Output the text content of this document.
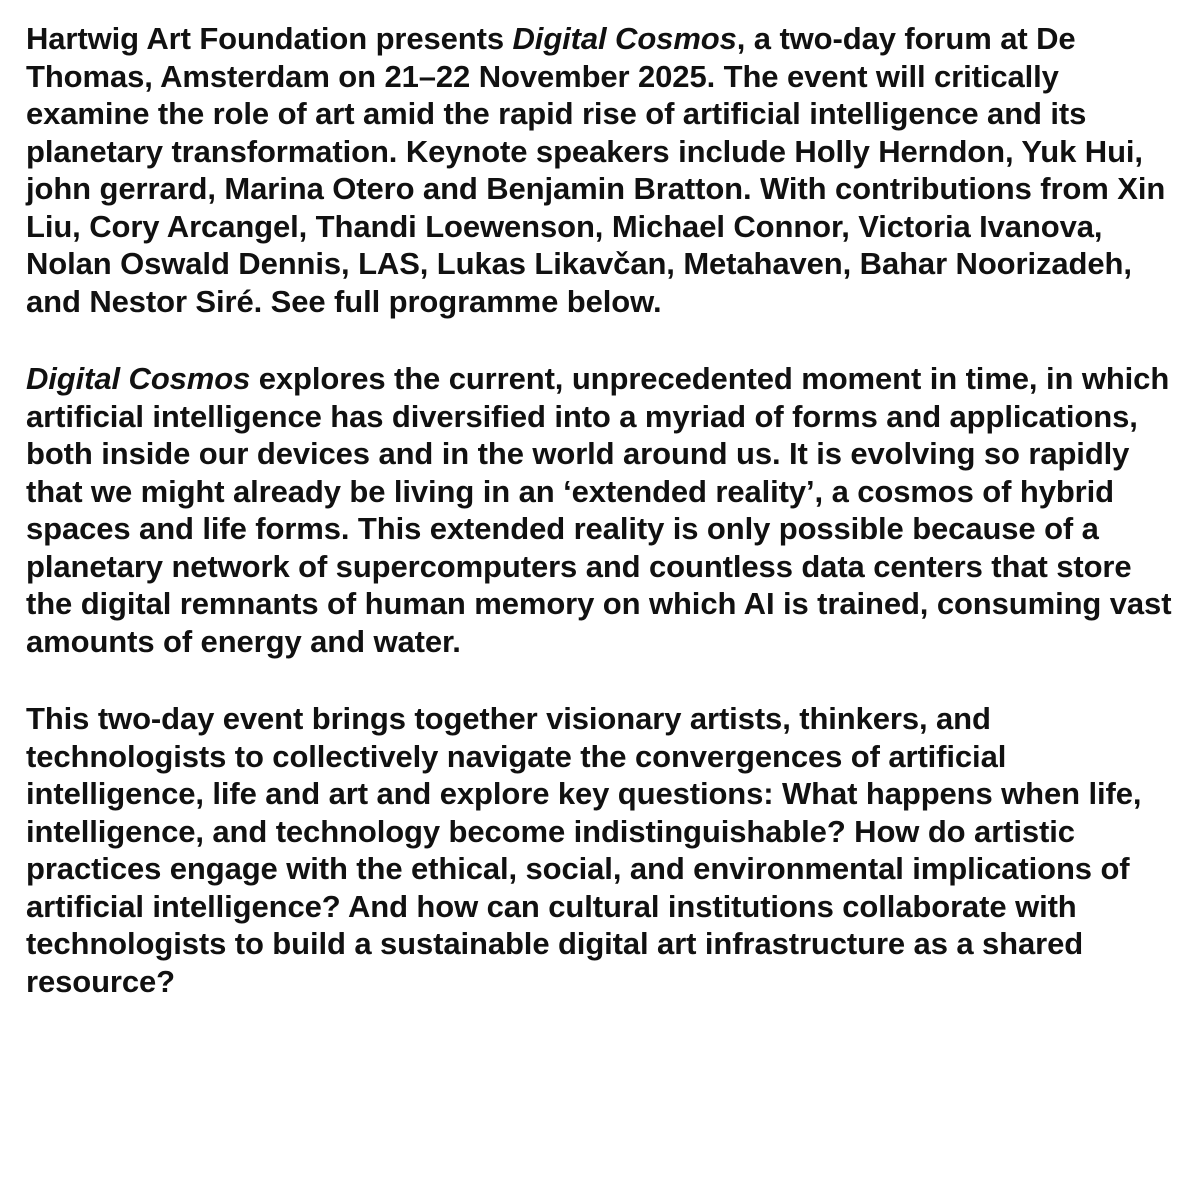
Hartwig Art Foundation presents Digital Cosmos, a two-day forum at De Thomas, Amsterdam on 21–22 November 2025. The event will critically examine the role of art amid the rapid rise of artificial intelligence and its planetary transformation. Keynote speakers include Holly Herndon, Yuk Hui, john gerrard, Marina Otero and Benjamin Bratton. With contributions from Xin Liu, Cory Arcangel, Thandi Loewenson, Michael Connor, Victoria Ivanova, Nolan Oswald Dennis, LAS, Lukas Likavčan, Metahaven, Bahar Noorizadeh, and Nestor Siré. See full programme below.

Digital Cosmos explores the current, unprecedented moment in time, in which artificial intelligence has diversified into a myriad of forms and applications, both inside our devices and in the world around us. It is evolving so rapidly that we might already be living in an ‘extended reality’, a cosmos of hybrid spaces and life forms. This extended reality is only possible because of a planetary network of supercomputers and countless data centers that store the digital remnants of human memory on which AI is trained, consuming vast amounts of energy and water.

This two-day event brings together visionary artists, thinkers, and technologists to collectively navigate the convergences of artificial intelligence, life and art and explore key questions: What happens when life, intelligence, and technology become indistinguishable? How do artistic practices engage with the ethical, social, and environmental implications of artificial intelligence? And how can cultural institutions collaborate with technologists to build a sustainable digital art infrastructure as a shared resource?
